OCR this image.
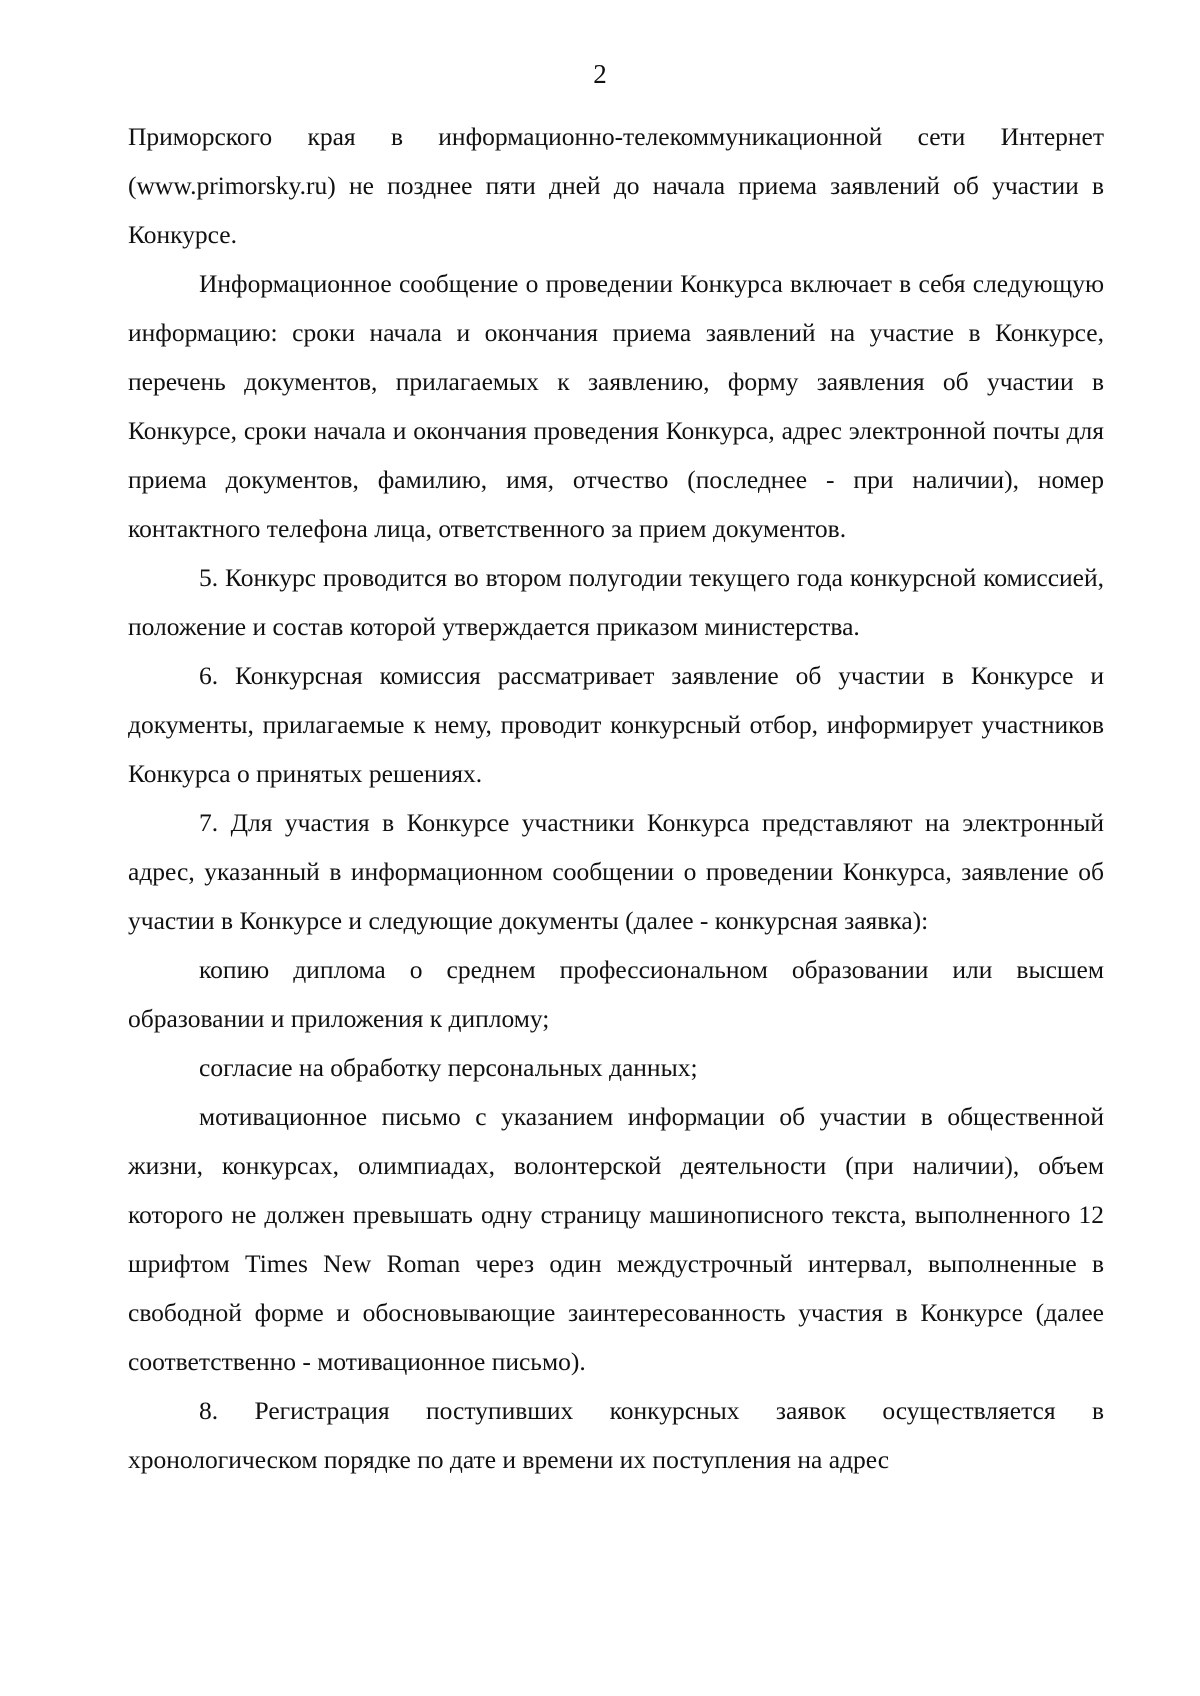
2

Приморского края в информационно-телекоммуникационной сети Интернет (www.primorsky.ru) не позднее пяти дней до начала приема заявлений об участии в Конкурсе.

Информационное сообщение о проведении Конкурса включает в себя следующую информацию: сроки начала и окончания приема заявлений на участие в Конкурсе, перечень документов, прилагаемых к заявлению, форму заявления об участии в Конкурсе, сроки начала и окончания проведения Конкурса, адрес электронной почты для приема документов, фамилию, имя, отчество (последнее - при наличии), номер контактного телефона лица, ответственного за прием документов.

5. Конкурс проводится во втором полугодии текущего года конкурсной комиссией, положение и состав которой утверждается приказом министерства.

6. Конкурсная комиссия рассматривает заявление об участии в Конкурсе и документы, прилагаемые к нему, проводит конкурсный отбор, информирует участников Конкурса о принятых решениях.

7. Для участия в Конкурсе участники Конкурса представляют на электронный адрес, указанный в информационном сообщении о проведении Конкурса, заявление об участии в Конкурсе и следующие документы (далее - конкурсная заявка):

копию диплома о среднем профессиональном образовании или высшем образовании и приложения к диплому;

согласие на обработку персональных данных;

мотивационное письмо с указанием информации об участии в общественной жизни, конкурсах, олимпиадах, волонтерской деятельности (при наличии), объем которого не должен превышать одну страницу машинописного текста, выполненного 12 шрифтом Times New Roman через один междустрочный интервал, выполненные в свободной форме и обосновывающие заинтересованность участия в Конкурсе (далее соответственно - мотивационное письмо).

8. Регистрация поступивших конкурсных заявок осуществляется в хронологическом порядке по дате и времени их поступления на адрес
